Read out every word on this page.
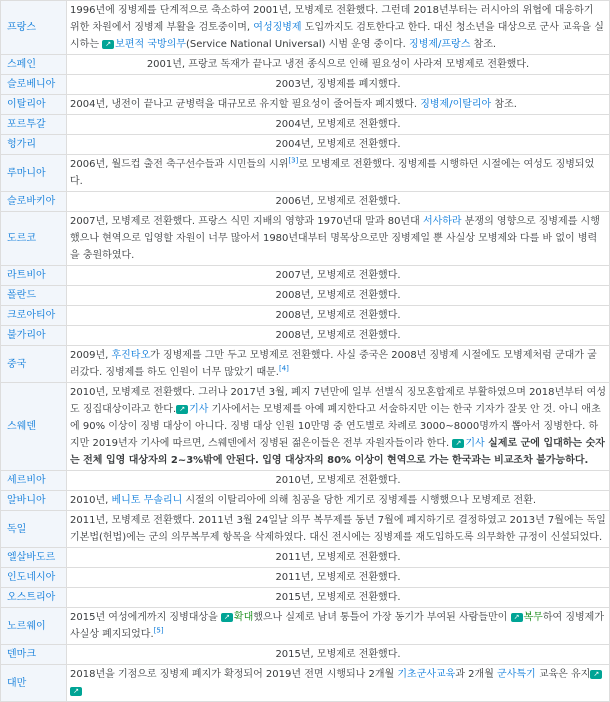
프랑스	1996년에 징병제를 단계적으로 축소하여 2001년, 모병제로 전환했다. 그런데 2018년부터는 러시아의 위협에 대응하기 위한 차원에서 징병제 부활을 검토중이며, 여성징병제 도입까지도 검토한다고 한다. 대신 청소년을 대상으로 군사 교육을 실시하는 ↗ 보편적 국방의무(Service National Universal) 시범 운영 중이다. 징병제/프랑스 참조.
스페인	2001년, 프랑코 독재가 끝나고 냉전 종식으로 인해 필요성이 사라져 모병제로 전환했다.
슬로베니아	2003년, 징병제를 폐지했다.
이탈리아	2004년, 냉전이 끝나고 균병력을 대규모로 유지할 필요성이 줄어들자 폐지했다. 징병제/이탈리아 참조.
포르투갈	2004년, 모병제로 전환했다.
헝가리	2004년, 모병제로 전환했다.
루마니아	2006년, 월드컵 출전 축구선수들과 시민들의 시위[3]로 모병제로 전환했다. 징병제를 시행하던 시절에는 여성도 징병되었다.
슬로바키아	2006년, 모병제로 전환했다.
도르코	2007년, 모병제로 전환했다. 프랑스 식민 지배의 영향과 1970년대 말과 80년대 서사하라 분쟁의 영향으로 징병제를 시행했으나 현역으로 입영할 자원이 너무 많아서 1980년대부터 명목상으로만 징병제일 뿐 사실상 모병제와 다를 바 없이 병력을 충원하였다.
라트비아	2007년, 모병제로 전환했다.
폴란드	2008년, 모병제로 전환했다.
크로아티아	2008년, 모병제로 전환했다.
불가리아	2008년, 모병제로 전환했다.
중국	2009년, 후진타오가 징병제를 그만 두고 모병제로 전환했다. 사실 중국은 2008년 징병제 시절에도 모병제처럼 군대가 굴러갔다. 징병제를 하도 인원이 너무 많았기 때문.[4]
스웨덴	2010년, 모병제로 전환했다. 그러나 2017년 3월, 폐지 7년만에 일부 선별식 징모혼합제로 부활하였으며 2018년부터 여성도 징집대상이라고 한다. ↗ 기사 기사에서는 모병제를 아예 폐지한다고 서술하지만 이는 한국 기자가 잘못 안 것. 아니 애초에 90% 이상이 징병 대상이 아니다. 징병 대상 인원 10만명 중 연도별로 차례로 3000~8000명까지 뽑아서 징병한다. 하지만 2019년자 기사에 따르면, 스웨덴에서 징병된 젊은이들은 전부 자원자들이라 한다. ↗ 기사 실제로 군에 입대하는 숫자는 전체 입영 대상자의 2~3%밖에 안된다. 입영 대상자의 80% 이상이 현역으로 가는 한국과는 비교조차 불가능하다.
세르비아	2010년, 모병제로 전환했다.
알바니아	2010년, 베니토 무솔리니 시절의 이탈리아에 의해 침공을 당한 계기로 징병제를 시행했으나 모병제로 전환.
독일	2011년, 모병제로 전환했다. 2011년 3월 24일날 의무 복무제를 동년 7월에 폐지하기로 결정하였고 2013년 7월에는 독일 기본법(헌법)에는 군의 의무복무제 항목을 삭제하였다. 대신 전시에는 징병제를 재도입하도록 의무화한 규정이 신설되었다.
엘살바도르	2011년, 모병제로 전환했다.
인도네시아	2011년, 모병제로 전환했다.
오스트리아	2015년, 모병제로 전환했다.
노르웨이	2015년 여성에게까지 징병대상을 ↗ 확대했으나 실제로 남녀 통틀어 가장 동기가 부여된 사람들만이 ↗ 복무하여 징병제가 사실상 폐지되었다.[5]
덴마크	2015년, 모병제로 전환했다.
대만	2018년을 기점으로 징병제 폐지가 확정되어 2019년 전면 시행되나 2개월 기초군사교육과 2개월 군사특기 교육은 유지 ↗↗
